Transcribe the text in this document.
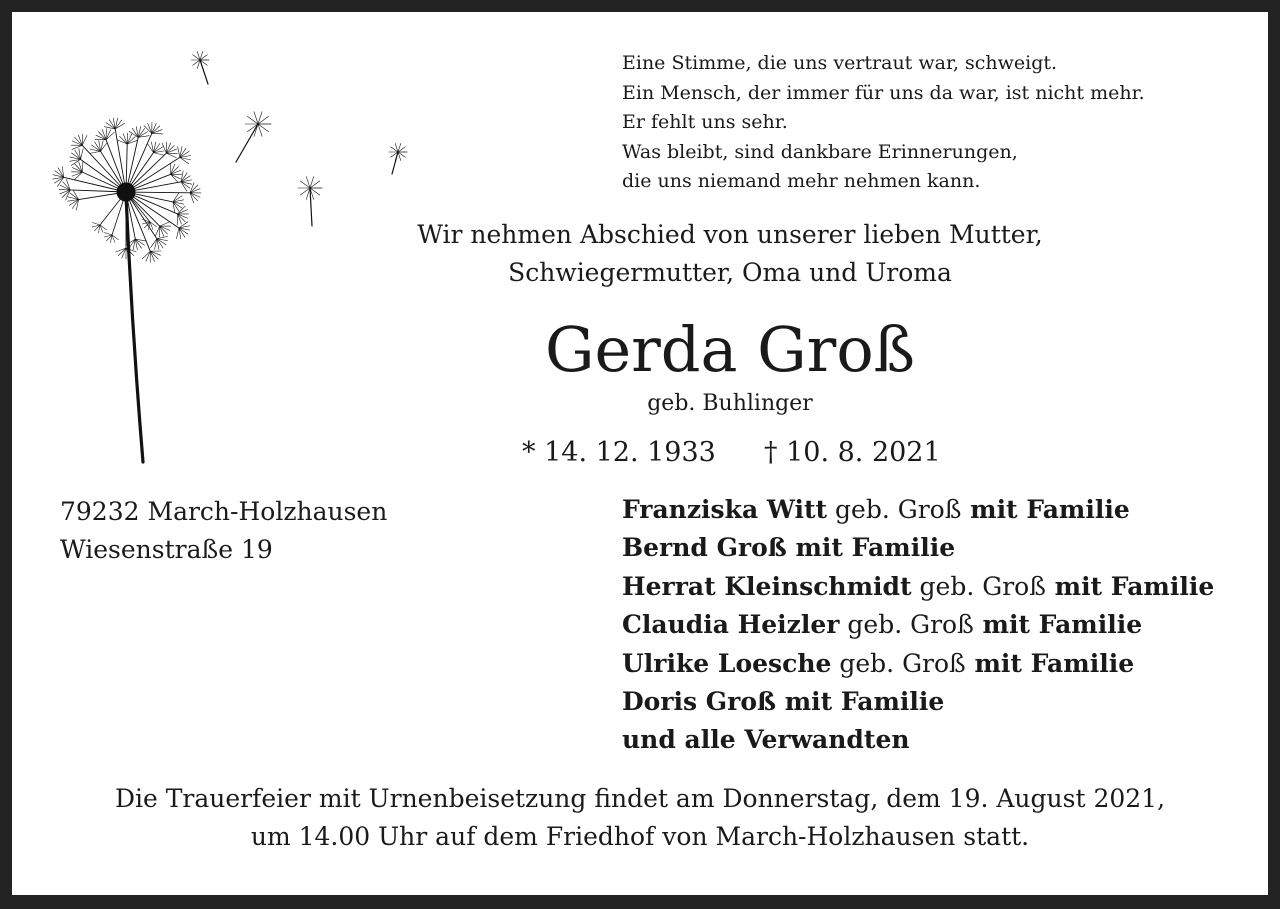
Eine Stimme, die uns vertraut war, schweigt.
Ein Mensch, der immer für uns da war, ist nicht mehr.
Er fehlt uns sehr.
Was bleibt, sind dankbare Erinnerungen,
die uns niemand mehr nehmen kann.
Wir nehmen Abschied von unserer lieben Mutter,
Schwiegermutter, Oma und Uroma
Gerda Groß
geb. Buhlinger
* 14. 12. 1933 † 10. 8. 2021
79232 March-Holzhausen
Wiesenstraße 19
Franziska Witt geb. Groß mit Familie
Bernd Groß mit Familie
Herrat Kleinschmidt geb. Groß mit Familie
Claudia Heizler geb. Groß mit Familie
Ulrike Loesche geb. Groß mit Familie
Doris Groß mit Familie
und alle Verwandten
Die Trauerfeier mit Urnenbeisetzung findet am Donnerstag, dem 19. August 2021,
um 14.00 Uhr auf dem Friedhof von March-Holzhausen statt.
